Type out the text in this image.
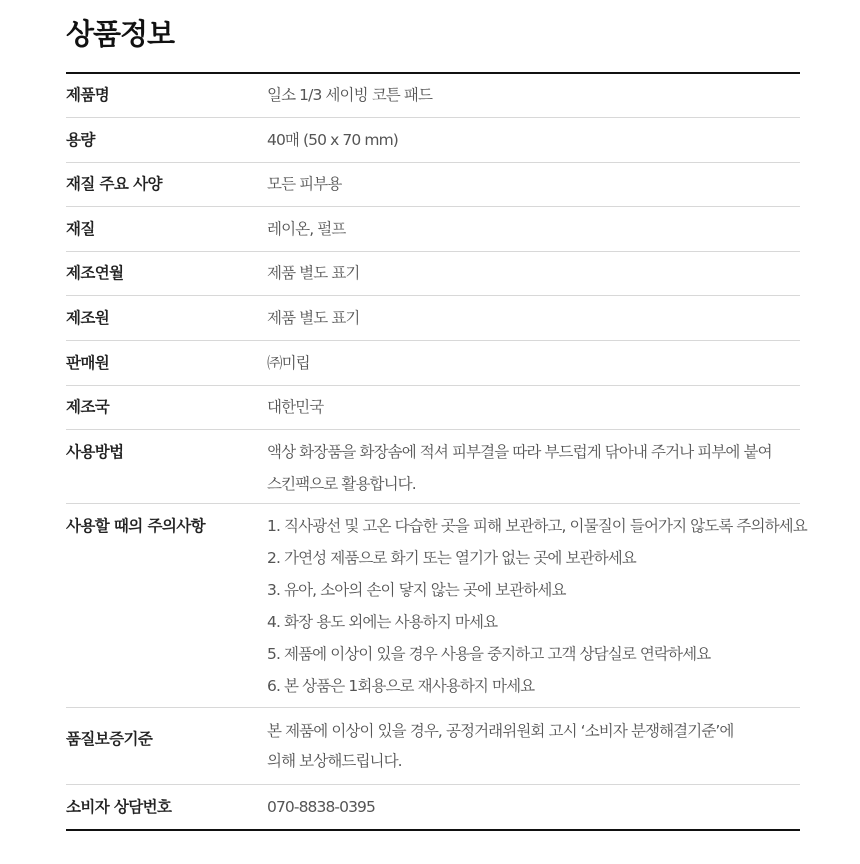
상품정보
제품명	일소 1/3 세이빙 코튼 패드
용량	40매 (50 x 70 mm)
재질 주요 사양	모든 피부용
재질	레이온, 펄프
제조연월	제품 별도 표기
제조원	제품 별도 표기
판매원	㈜미립
제조국	대한민국
사용방법	액상 화장품을 화장솜에 적셔 피부결을 따라 부드럽게 닦아내 주거나 피부에 붙여
스킨팩으로 활용합니다.
사용할 때의 주의사항	1. 직사광선 및 고온 다습한 곳을 피해 보관하고, 이물질이 들어가지 않도록 주의하세요
2. 가연성 제품으로 화기 또는 열기가 없는 곳에 보관하세요
3. 유아, 소아의 손이 닿지 않는 곳에 보관하세요
4. 화장 용도 외에는 사용하지 마세요
5. 제품에 이상이 있을 경우 사용을 중지하고 고객 상담실로 연락하세요
6. 본 상품은 1회용으로 재사용하지 마세요
품질보증기준	본 제품에 이상이 있을 경우, 공정거래위원회 고시 ‘소비자 분쟁해결기준’에
의해 보상해드립니다.
소비자 상담번호	070-8838-0395
